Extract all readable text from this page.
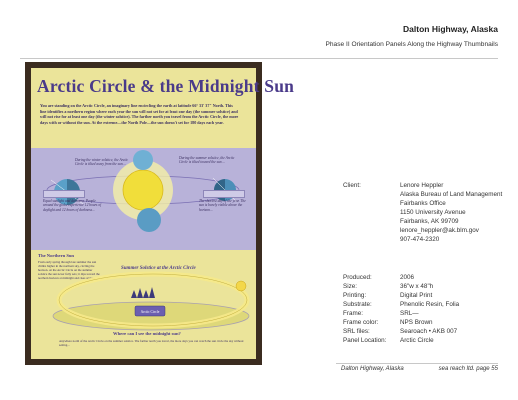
Dalton Highway, Alaska
Phase II Orientation Panels Along the Highway Thumbnails
Arctic Circle & the Midnight Sun
You are standing on the Arctic Circle, an imaginary line encircling the earth at latitude 66° 33' 37" North. This line identifies a northern region where each year the sun will not set for at least one day (the summer solstice) and will not rise for at least one day (the winter solstice). The farther north you travel from the Arctic Circle, the more days with or without the sun. At the extreme—the North Pole—the sun doesn't set for 180 days each year.
During the winter solstice, the Arctic Circle is tilted away from the sun ...
During the summer solstice, the Arctic Circle is tilted toward the sun ...
Equal sunlight and darkness. People around the globe experience 12 hours of daylight and 12 hours of darkness...
The shortest day of the year. The sun is barely visible above the horizon...
The Northern Sun
From early spring through late summer the sun climbs higher in the northern sky, circling the horizon. At the Arctic Circle on the summer solstice the sun never fully sets; it dips toward the northern horizon at midnight and rises again...
Summer Solstice at the Arctic Circle
Arctic Circle
Where can I see the midnight sun?
Anywhere north of the Arctic Circle on the summer solstice. The farther north you travel, the more days you can watch the sun circle the sky without setting...
Client:	Lenore Heppler
Alaska Bureau of Land Management
Fairbanks Office
1150 University Avenue
Fairbanks, AK 99709
lenore_heppler@ak.blm.gov
907-474-2320
Produced:	2006
Size:	36"w x 48"h
Printing:	Digital Print
Substrate:	Phenolic Resin, Folia
Frame:	SRL—
Frame color:	NPS Brown
SRL files:	Searoach • AKB 007
Panel Location: Arctic Circle
Dalton Highway, Alaska	sea reach ltd. page 55
